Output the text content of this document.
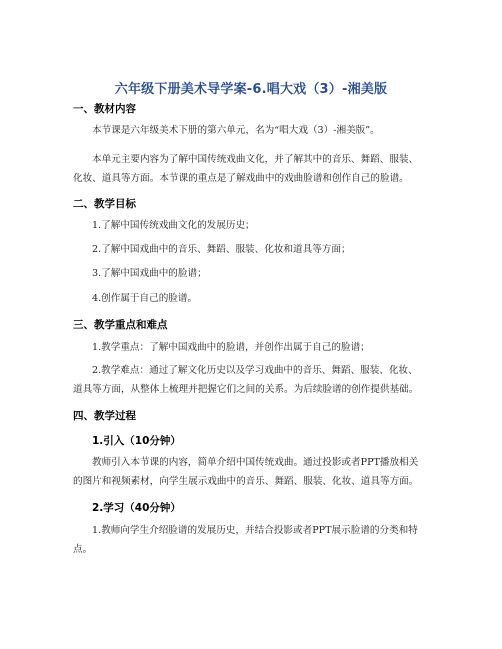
六年级下册美术导学案-6.唱大戏（3）-湘美版
一、教材内容
本节课是六年级美术下册的第六单元，名为“唱大戏（3）-湘美版”。
本单元主要内容为了解中国传统戏曲文化，并了解其中的音乐、舞蹈、服装、
化妆、道具等方面。本节课的重点是了解戏曲中的戏曲脸谱和创作自己的脸谱。
二、教学目标
1.了解中国传统戏曲文化的发展历史；
2.了解中国戏曲中的音乐、舞蹈、服装、化妆和道具等方面；
3.了解中国戏曲中的脸谱；
4.创作属于自己的脸谱。
三、教学重点和难点
1.教学重点：了解中国戏曲中的脸谱，并创作出属于自己的脸谱；
2.教学难点：通过了解文化历史以及学习戏曲中的音乐、舞蹈、服装、化妆、
道具等方面，从整体上梳理并把握它们之间的关系。为后续脸谱的创作提供基础。
四、教学过程
1.引入（10分钟）
教师引入本节课的内容，简单介绍中国传统戏曲。通过投影或者PPT播放相关
的图片和视频素材，向学生展示戏曲中的音乐、舞蹈、服装、化妆、道具等方面。
2.学习（40分钟）
1.教师向学生介绍脸谱的发展历史，并结合投影或者PPT展示脸谱的分类和特
点。
